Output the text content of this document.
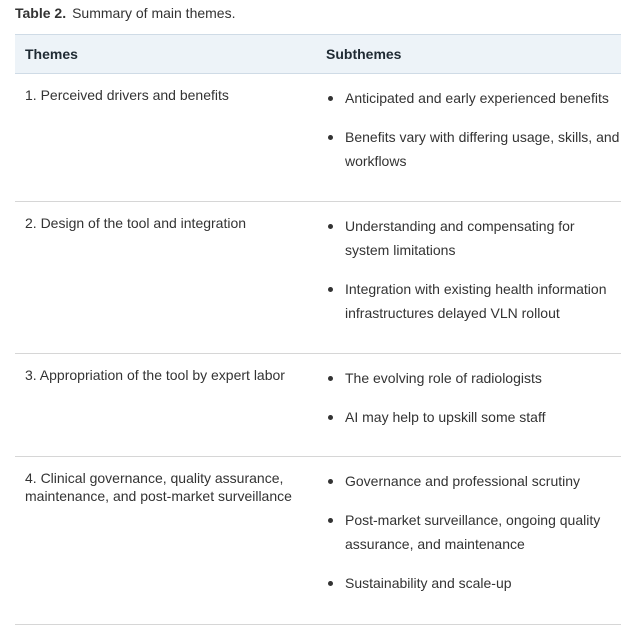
Table 2. Summary of main themes.
Themes	Subthemes
1. Perceived drivers and benefits	Anticipated and early experienced benefits
Benefits vary with differing usage, skills, and workflows
2. Design of the tool and integration	Understanding and compensating for system limitations
Integration with existing health information infrastructures delayed VLN rollout
3. Appropriation of the tool by expert labor	The evolving role of radiologists
AI may help to upskill some staff
4. Clinical governance, quality assurance, maintenance, and post-market surveillance
Governance and professional scrutiny
Post-market surveillance, ongoing quality assurance, and maintenance
Sustainability and scale-up
